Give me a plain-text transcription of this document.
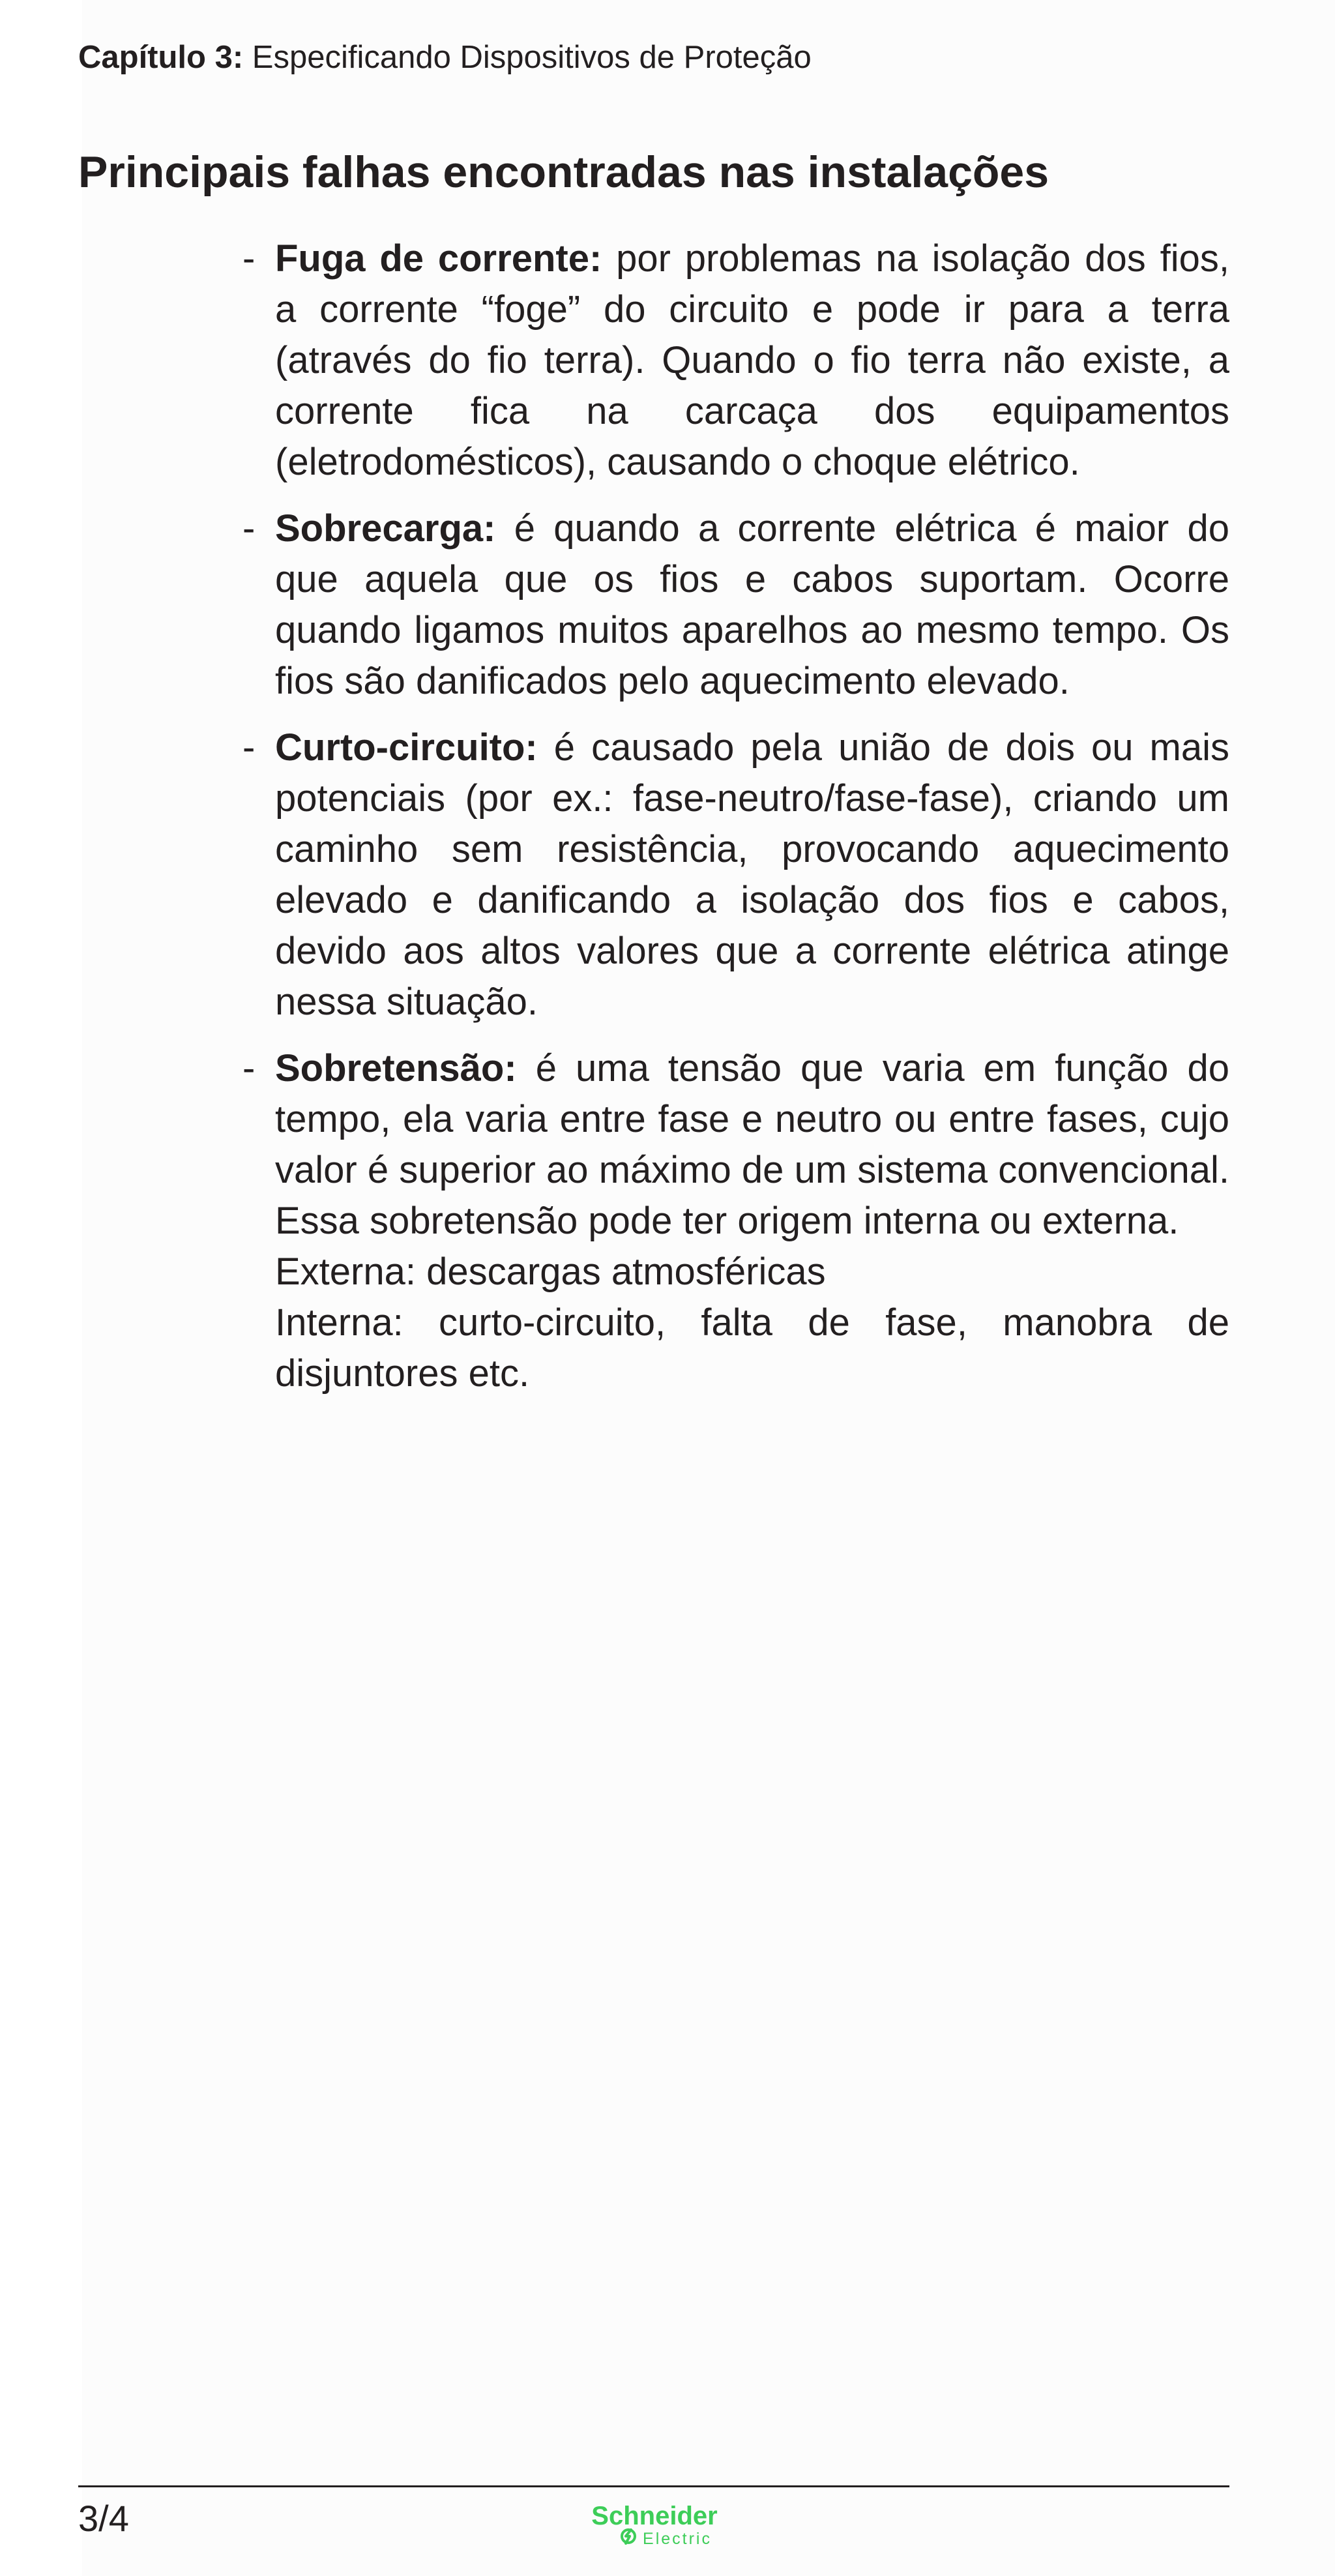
Capítulo 3: Especificando Dispositivos de Proteção
Principais falhas encontradas nas instalações
- Fuga de corrente: por problemas na isolação dos fios, a corrente “foge” do circuito e pode ir para a terra (através do fio terra). Quando o fio terra não existe, a corrente fica na carcaça dos equipamentos (eletrodomésticos), causando o choque elétrico.
- Sobrecarga: é quando a corrente elétrica é maior do que aquela que os fios e cabos suportam. Ocorre quando ligamos muitos aparelhos ao mesmo tempo. Os fios são danificados pelo aquecimento elevado.
- Curto-circuito: é causado pela união de dois ou mais potenciais (por ex.: fase-neutro/fase-fase), criando um caminho sem resistência, provocando aquecimento elevado e danificando a isolação dos fios e cabos, devido aos altos valores que a corrente elétrica atinge nessa situação.
- Sobretensão: é uma tensão que varia em função do tempo, ela varia entre fase e neutro ou entre fases, cujo valor é superior ao máximo de um sistema convencional. Essa sobretensão pode ter origem interna ou externa.
Externa: descargas atmosféricas
Interna: curto-circuito, falta de fase, manobra de disjuntores etc.
3/4	Schneider
Electric
